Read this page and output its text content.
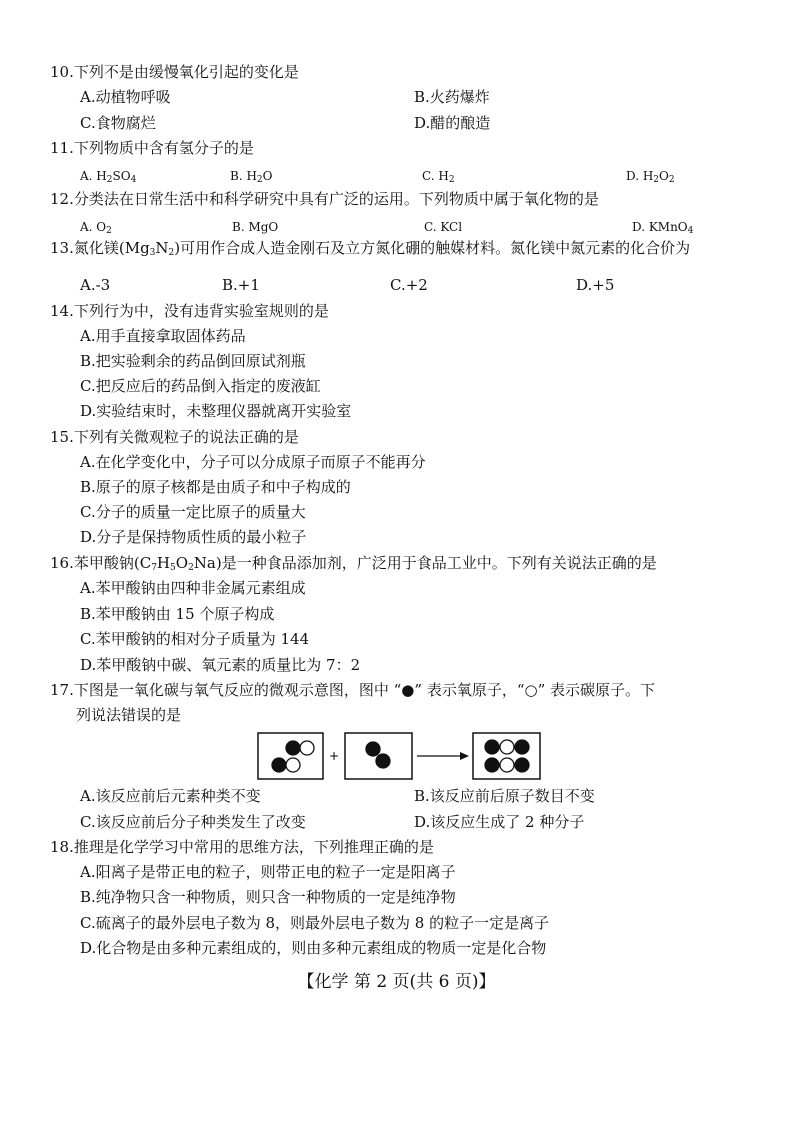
10.下列不是由缓慢氧化引起的变化是
A.动植物呼吸	B.火药爆炸
C.食物腐烂	D.醋的酿造
11.下列物质中含有氢分子的是
A. $H_2SO_4$	B. $H_2O$	C. $H_2$	D. $H_2O_2$
12.分类法在日常生活中和科学研究中具有广泛的运用。下列物质中属于氧化物的是
A. $O_2$	B. MgO	C. KCl	D. KMnO$_4$
13.氮化镁$(Mg_3N_2)$可用作合成人造金刚石及立方氮化硼的触媒材料。氮化镁中氮元素的化合价为
A.-3	B.+1	C.+2	D.+5
14.下列行为中，没有违背实验室规则的是
A.用手直接拿取固体药品
B.把实验剩余的药品倒回原试剂瓶
C.把反应后的药品倒入指定的废液缸
D.实验结束时，未整理仪器就离开实验室
15.下列有关微观粒子的说法正确的是
A.在化学变化中，分子可以分成原子而原子不能再分
B.原子的原子核都是由质子和中子构成的
C.分子的质量一定比原子的质量大
D.分子是保持物质性质的最小粒子
16.苯甲酸钠$(C_7H_5O_2Na)$是一种食品添加剂，广泛用于食品工业中。下列有关说法正确的是
A.苯甲酸钠由四种非金属元素组成
B.苯甲酸钠由 15 个原子构成
C.苯甲酸钠的相对分子质量为 144
D.苯甲酸钠中碳、氧元素的质量比为 7：2
17.下图是一氧化碳与氧气反应的微观示意图，图中 “●” 表示氧原子，“○” 表示碳原子。下
列说法错误的是
+
A.该反应前后元素种类不变	B.该反应前后原子数目不变
C.该反应前后分子种类发生了改变	D.该反应生成了 2 种分子
18.推理是化学学习中常用的思维方法，下列推理正确的是
A.阳离子是带正电的粒子，则带正电的粒子一定是阳离子
B.纯净物只含一种物质，则只含一种物质的一定是纯净物
C.硫离子的最外层电子数为 8，则最外层电子数为 8 的粒子一定是离子
D.化合物是由多种元素组成的，则由多种元素组成的物质一定是化合物
【化学 第 2 页(共 6 页)】
